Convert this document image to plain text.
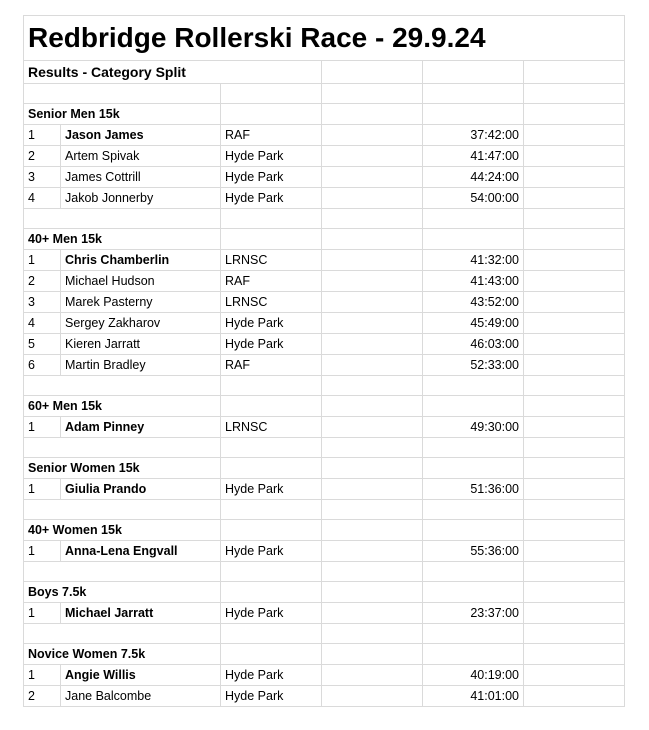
Redbridge Rollerski Race - 29.9.24					
Results - Category Split					

Senior Men 15k					
1	Jason James	RAF		37:42:00	
2	Artem Spivak	Hyde Park		41:47:00	
3	James Cottrill	Hyde Park		44:24:00	
4	Jakob Jonnerby	Hyde Park		54:00:00	

40+ Men 15k					
1	Chris Chamberlin	LRNSC		41:32:00	
2	Michael Hudson	RAF		41:43:00	
3	Marek Pasterny	LRNSC		43:52:00	
4	Sergey Zakharov	Hyde Park		45:49:00	
5	Kieren Jarratt	Hyde Park		46:03:00	
6	Martin Bradley	RAF		52:33:00	

60+ Men 15k					
1	Adam Pinney	LRNSC		49:30:00	

Senior Women 15k					
1	Giulia Prando	Hyde Park		51:36:00	

40+ Women 15k					
1	Anna-Lena Engvall	Hyde Park		55:36:00	

Boys 7.5k					
1	Michael Jarratt	Hyde Park		23:37:00	

Novice Women 7.5k					
1	Angie Willis	Hyde Park		40:19:00	
2	Jane Balcombe	Hyde Park		41:01:00	
